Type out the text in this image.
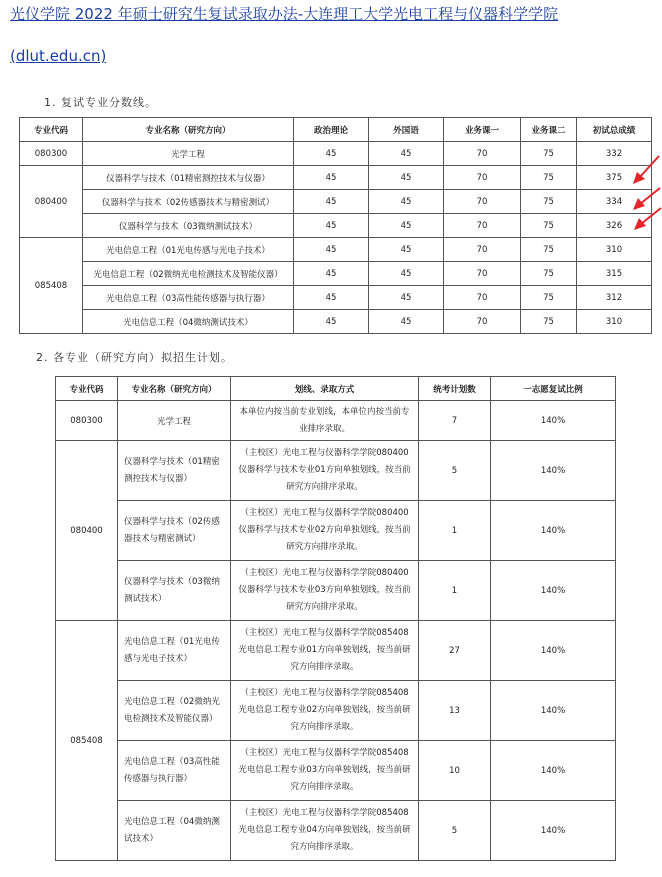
光仪学院 2022 年硕士研究生复试录取办法-大连理工大学光电工程与仪器科学学院
(dlut.edu.cn)
1. 复试专业分数线。
专业代码	专业名称（研究方向）	政治理论	外国语	业务课一	业务课二	初试总成绩
080300	光学工程	45	45	70	75	332
080400	仪器科学与技术（01精密测控技术与仪器）	45	45	70	75	375
	仪器科学与技术（02传感器技术与精密测试）	45	45	70	75	334
	仪器科学与技术（03微纳测试技术）	45	45	70	75	326
085408	光电信息工程（01光电传感与光电子技术）	45	45	70	75	310
	光电信息工程（02微纳光电检测技术及智能仪器）	45	45	70	75	315
	光电信息工程（03高性能传感器与执行器）	45	45	70	75	312
	光电信息工程（04微纳测试技术）	45	45	70	75	310
2. 各专业（研究方向）拟招生计划。
专业代码	专业名称（研究方向）	划线、录取方式	统考计划数	一志愿复试比例
080300	光学工程	本单位内按当前专业划线，本单位内按当前专业排序录取。	7	140%
080400	仪器科学与技术（01精密测控技术与仪器）	（主校区）光电工程与仪器科学学院080400仪器科学与技术专业01方向单独划线，按当前研究方向排序录取。	5	140%
	仪器科学与技术（02传感器技术与精密测试）	（主校区）光电工程与仪器科学学院080400仪器科学与技术专业02方向单独划线，按当前研究方向排序录取。	1	140%
	仪器科学与技术（03微纳测试技术）	（主校区）光电工程与仪器科学学院080400仪器科学与技术专业03方向单独划线，按当前研究方向排序录取。	1	140%
085408	光电信息工程（01光电传感与光电子技术）	（主校区）光电工程与仪器科学学院085408光电信息工程专业01方向单独划线，按当前研究方向排序录取。	27	140%
	光电信息工程（02微纳光电检测技术及智能仪器）	（主校区）光电工程与仪器科学学院085408光电信息工程专业02方向单独划线，按当前研究方向排序录取。	13	140%
	光电信息工程（03高性能传感器与执行器）	（主校区）光电工程与仪器科学学院085408光电信息工程专业03方向单独划线，按当前研究方向排序录取。	10	140%
	光电信息工程（04微纳测试技术）	（主校区）光电工程与仪器科学学院085408光电信息工程专业04方向单独划线，按当前研究方向排序录取。	5	140%
